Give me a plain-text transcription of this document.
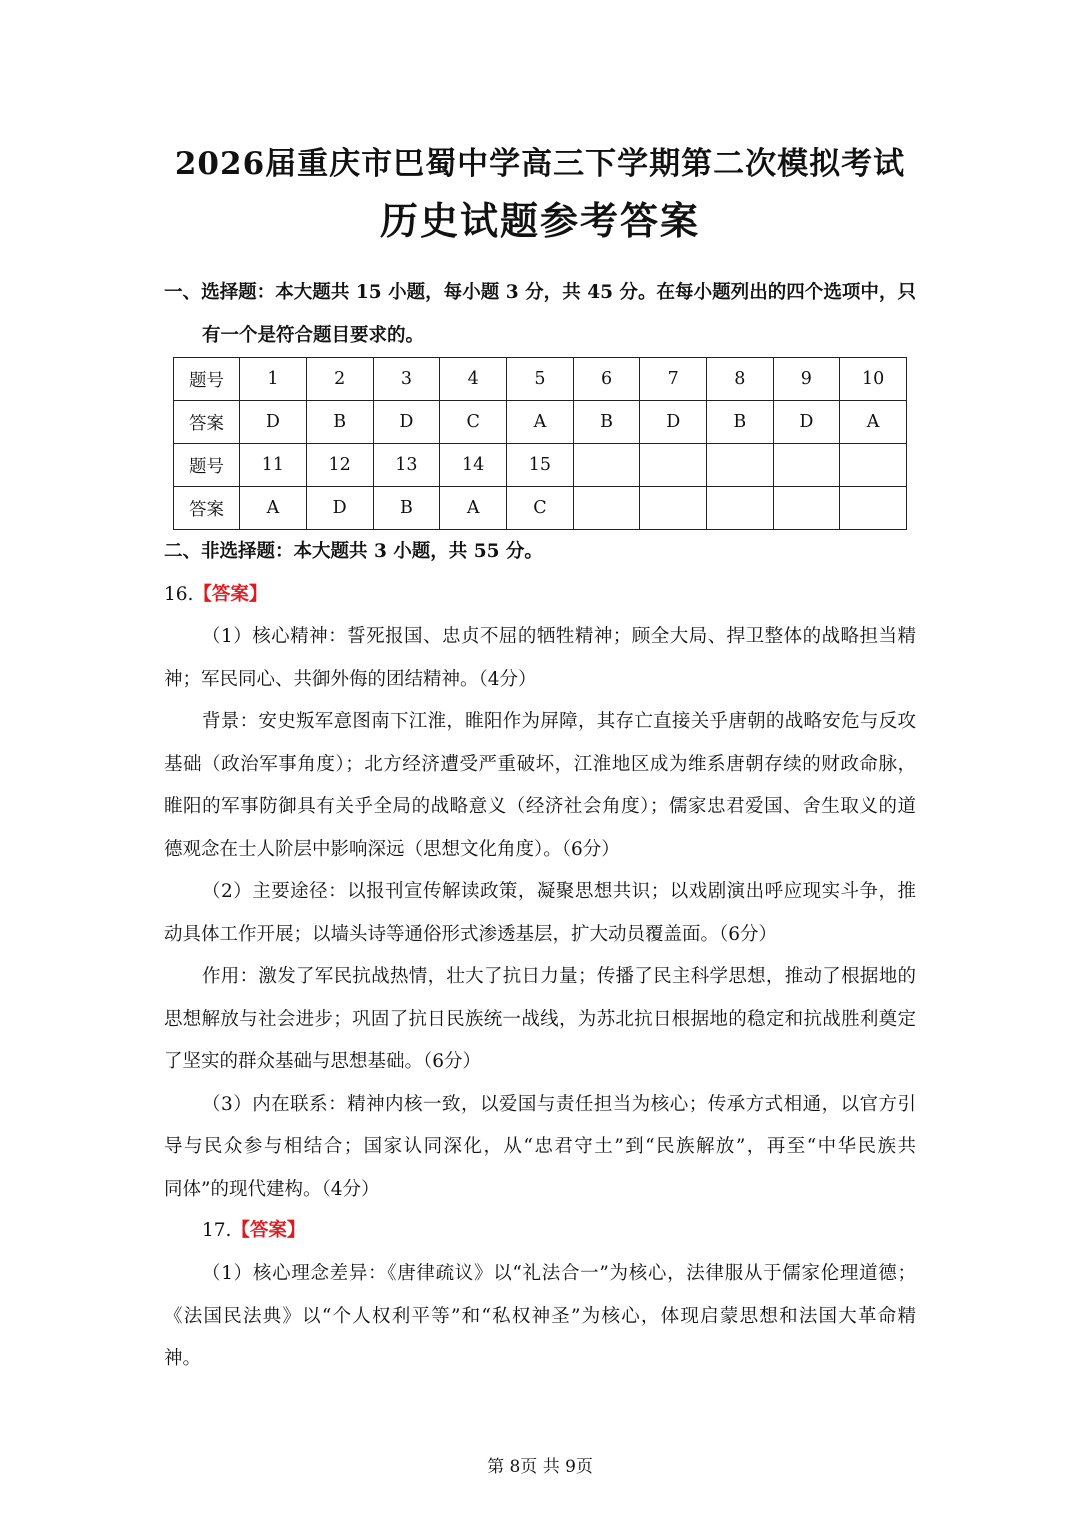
2026届重庆市巴蜀中学高三下学期第二次模拟考试
历史试题参考答案
一、选择题：本大题共 15 小题，每小题 3 分，共 45 分。在每小题列出的四个选项中，只
有一个是符合题目要求的。
题号	1	2	3	4	5	6	7	8	9	10
答案	D	B	D	C	A	B	D	B	D	A
题号	11	12	13	14	15					
答案	A	D	B	A	C					
二、非选择题：本大题共 3 小题，共 55 分。
16.【答案】
（1）核心精神：誓死报国、忠贞不屈的牺牲精神；顾全大局、捍卫整体的战略担当精
神；军民同心、共御外侮的团结精神。（4分）
背景：安史叛军意图南下江淮，睢阳作为屏障，其存亡直接关乎唐朝的战略安危与反攻
基础（政治军事角度）；北方经济遭受严重破坏，江淮地区成为维系唐朝存续的财政命脉，
睢阳的军事防御具有关乎全局的战略意义（经济社会角度）；儒家忠君爱国、舍生取义的道
德观念在士人阶层中影响深远（思想文化角度）。（6分）
（2）主要途径：以报刊宣传解读政策，凝聚思想共识；以戏剧演出呼应现实斗争，推
动具体工作开展；以墙头诗等通俗形式渗透基层，扩大动员覆盖面。（6分）
作用：激发了军民抗战热情，壮大了抗日力量；传播了民主科学思想，推动了根据地的
思想解放与社会进步；巩固了抗日民族统一战线，为苏北抗日根据地的稳定和抗战胜利奠定
了坚实的群众基础与思想基础。（6分）
（3）内在联系：精神内核一致，以爱国与责任担当为核心；传承方式相通，以官方引
导与民众参与相结合；国家认同深化，从“忠君守土”到“民族解放”，再至“中华民族共
同体”的现代建构。（4分）
17.【答案】
（1）核心理念差异：《唐律疏议》以“礼法合一”为核心，法律服从于儒家伦理道德；
《法国民法典》以“个人权利平等”和“私权神圣”为核心，体现启蒙思想和法国大革命精
神。
第 8页 共 9页
